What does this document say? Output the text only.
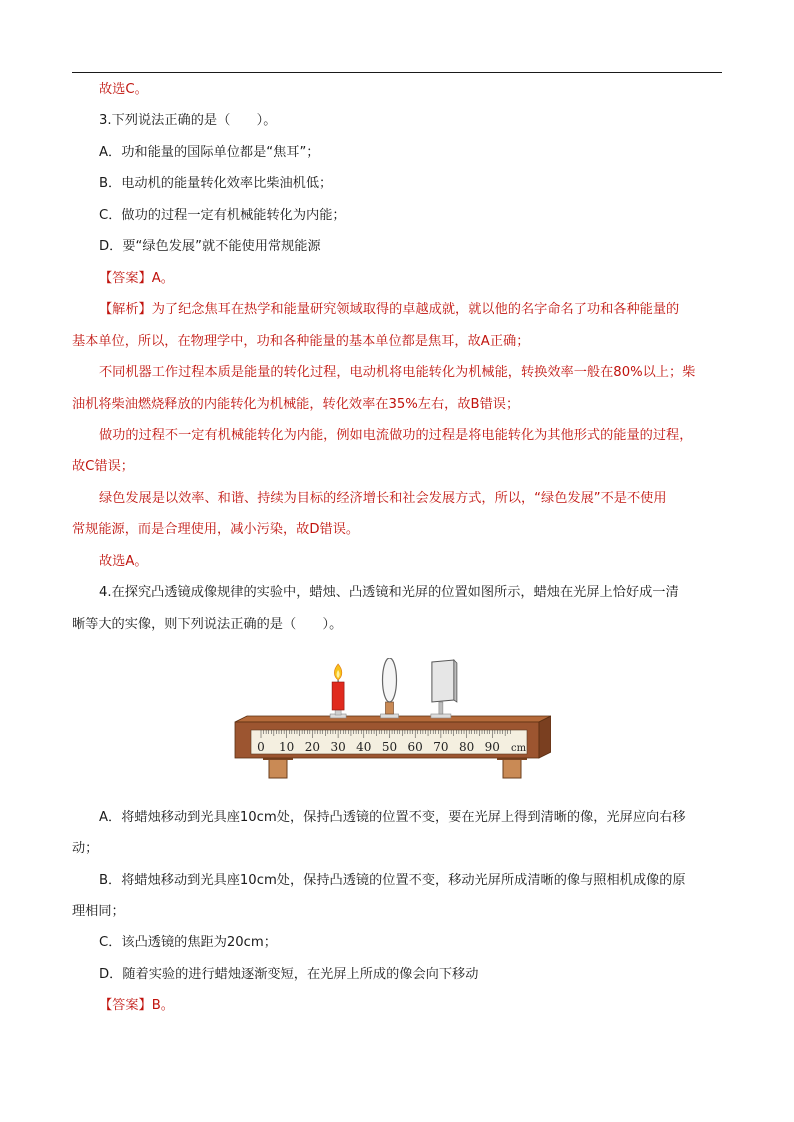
故选C。
3.下列说法正确的是（　　）。
A．功和能量的国际单位都是“焦耳”；
B．电动机的能量转化效率比柴油机低；
C．做功的过程一定有机械能转化为内能；
D．要“绿色发展”就不能使用常规能源
【答案】A。
【解析】为了纪念焦耳在热学和能量研究领域取得的卓越成就，就以他的名字命名了功和各种能量的
基本单位，所以，在物理学中，功和各种能量的基本单位都是焦耳，故A正确；
不同机器工作过程本质是能量的转化过程，电动机将电能转化为机械能，转换效率一般在80%以上；柴
油机将柴油燃烧释放的内能转化为机械能，转化效率在35%左右，故B错误；
做功的过程不一定有机械能转化为内能，例如电流做功的过程是将电能转化为其他形式的能量的过程，
故C错误；
绿色发展是以效率、和谐、持续为目标的经济增长和社会发展方式，所以，“绿色发展”不是不使用
常规能源，而是合理使用，减小污染，故D错误。
故选A。
4.在探究凸透镜成像规律的实验中，蜡烛、凸透镜和光屏的位置如图所示，蜡烛在光屏上恰好成一清
晰等大的实像，则下列说法正确的是（　　）。
A．将蜡烛移动到光具座10cm处，保持凸透镜的位置不变，要在光屏上得到清晰的像，光屏应向右移
动；
B．将蜡烛移动到光具座10cm处，保持凸透镜的位置不变，移动光屏所成清晰的像与照相机成像的原
理相同；
C．该凸透镜的焦距为20cm；
D．随着实验的进行蜡烛逐渐变短，在光屏上所成的像会向下移动
【答案】B。
0 10 20 30 40 50 60 70 80 90 cm
